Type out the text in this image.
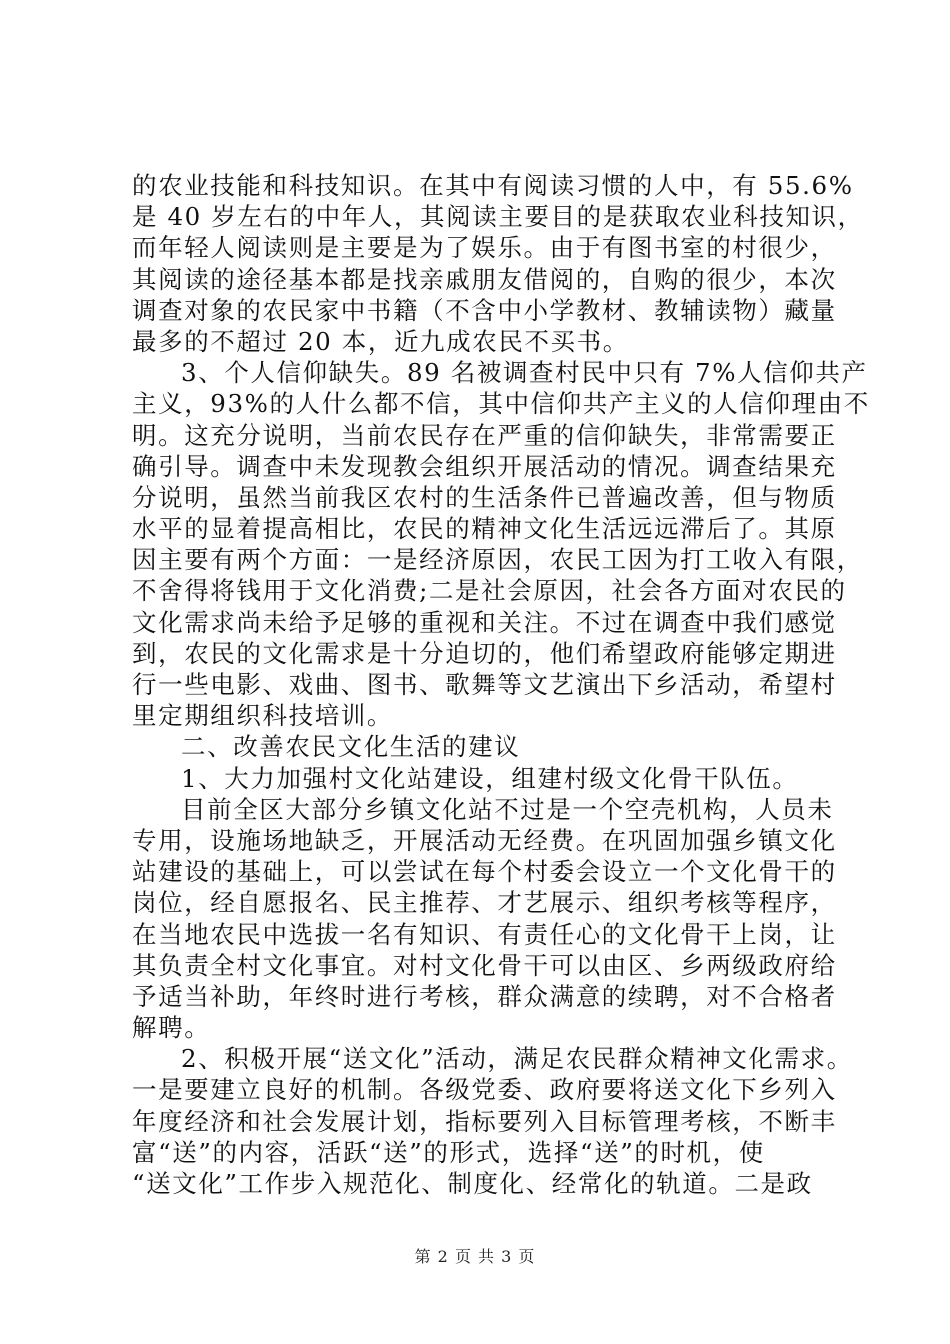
的农业技能和科技知识。在其中有阅读习惯的人中，有 55.6%
是 40 岁左右的中年人，其阅读主要目的是获取农业科技知识，
而年轻人阅读则是主要是为了娱乐。由于有图书室的村很少，
其阅读的途径基本都是找亲戚朋友借阅的，自购的很少，本次
调查对象的农民家中书籍（不含中小学教材、教辅读物）藏量
最多的不超过 20 本，近九成农民不买书。
3、个人信仰缺失。89 名被调查村民中只有 7%人信仰共产
主义，93%的人什么都不信，其中信仰共产主义的人信仰理由不
明。这充分说明，当前农民存在严重的信仰缺失，非常需要正
确引导。调查中未发现教会组织开展活动的情况。调查结果充
分说明，虽然当前我区农村的生活条件已普遍改善，但与物质
水平的显着提高相比，农民的精神文化生活远远滞后了。其原
因主要有两个方面：一是经济原因，农民工因为打工收入有限，
不舍得将钱用于文化消费;二是社会原因，社会各方面对农民的
文化需求尚未给予足够的重视和关注。不过在调查中我们感觉
到，农民的文化需求是十分迫切的，他们希望政府能够定期进
行一些电影、戏曲、图书、歌舞等文艺演出下乡活动，希望村
里定期组织科技培训。
二、改善农民文化生活的建议
1、大力加强村文化站建设，组建村级文化骨干队伍。
目前全区大部分乡镇文化站不过是一个空壳机构，人员未
专用，设施场地缺乏，开展活动无经费。在巩固加强乡镇文化
站建设的基础上，可以尝试在每个村委会设立一个文化骨干的
岗位，经自愿报名、民主推荐、才艺展示、组织考核等程序，
在当地农民中选拔一名有知识、有责任心的文化骨干上岗，让
其负责全村文化事宜。对村文化骨干可以由区、乡两级政府给
予适当补助，年终时进行考核，群众满意的续聘，对不合格者
解聘。
2、积极开展“送文化”活动，满足农民群众精神文化需求。
一是要建立良好的机制。各级党委、政府要将送文化下乡列入
年度经济和社会发展计划，指标要列入目标管理考核，不断丰
富“送”的内容，活跃“送”的形式，选择“送”的时机，使
“送文化”工作步入规范化、制度化、经常化的轨道。二是政
第 2 页 共 3 页
